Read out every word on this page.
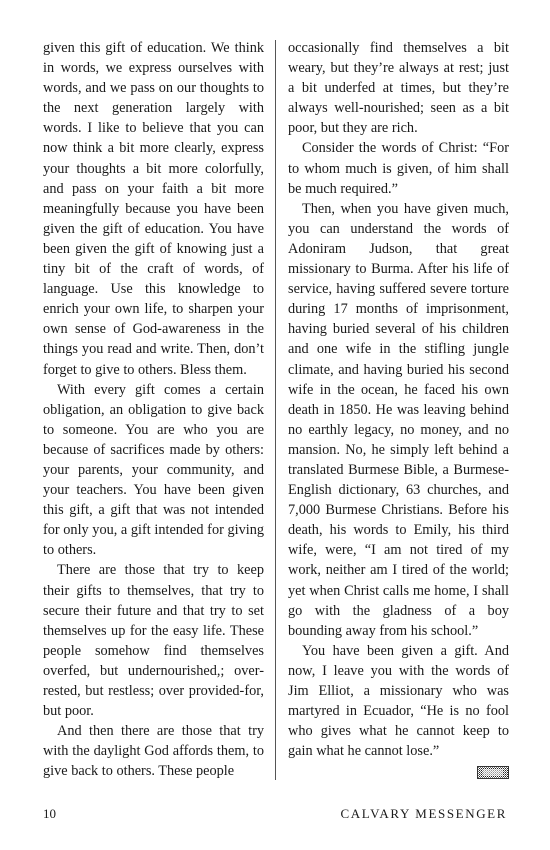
given this gift of education. We think in words, we express ourselves with words, and we pass on our thoughts to the next generation largely with words. I like to believe that you can now think a bit more clearly, express your thoughts a bit more colorfully, and pass on your faith a bit more meaningfully because you have been given the gift of education. You have been given the gift of knowing just a tiny bit of the craft of words, of language. Use this knowledge to enrich your own life, to sharpen your own sense of God-awareness in the things you read and write. Then, don’t forget to give to others. Bless them.

With every gift comes a certain obligation, an obligation to give back to someone. You are who you are because of sacrifices made by others: your parents, your community, and your teachers. You have been given this gift, a gift that was not intended for only you, a gift intended for giving to others.

There are those that try to keep their gifts to themselves, that try to secure their future and that try to set themselves up for the easy life. These people somehow find themselves overfed, but undernourished,; over-rested, but restless; over provided-for, but poor.

And then there are those that try with the daylight God affords them, to give back to others. These people

occasionally find themselves a bit weary, but they’re always at rest; just a bit underfed at times, but they’re always well-nourished; seen as a bit poor, but they are rich.

Consider the words of Christ: “For to whom much is given, of him shall be much required.”

Then, when you have given much, you can understand the words of Adoniram Judson, that great missionary to Burma. After his life of service, having suffered severe torture during 17 months of imprisonment, having buried several of his children and one wife in the stifling jungle climate, and having buried his second wife in the ocean, he faced his own death in 1850. He was leaving behind no earthly legacy, no money, and no mansion. No, he simply left behind a translated Burmese Bible, a Burmese-English dictionary, 63 churches, and 7,000 Burmese Christians. Before his death, his words to Emily, his third wife, were, “I am not tired of my work, neither am I tired of the world; yet when Christ calls me home, I shall go with the gladness of a boy bounding away from his school.”

You have been given a gift. And now, I leave you with the words of Jim Elliot, a missionary who was martyred in Ecuador, “He is no fool who gives what he cannot keep to gain what he cannot lose.”

10	CALVARY MESSENGER
